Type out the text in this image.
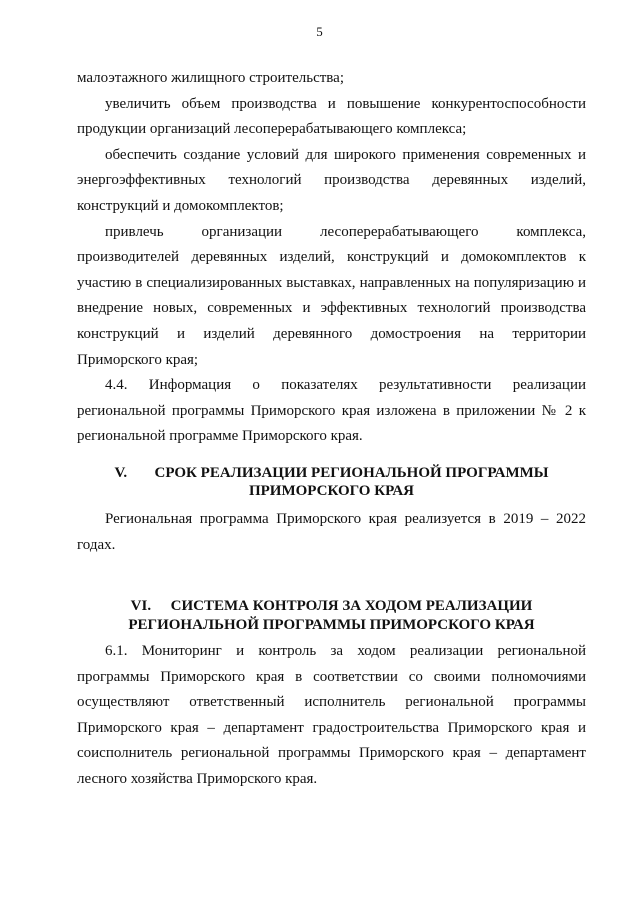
5

малоэтажного жилищного строительства;

увеличить объем производства и повышение конкурентоспособности продукции организаций лесоперерабатывающего комплекса;

обеспечить создание условий для широкого применения современных и энергоэффективных технологий производства деревянных изделий, конструкций и домокомплектов;

привлечь организации лесоперерабатывающего комплекса, производителей деревянных изделий, конструкций и домокомплектов к участию в специализированных выставках, направленных на популяризацию и внедрение новых, современных и эффективных технологий производства конструкций и изделий деревянного домостроения на территории Приморского края;

4.4. Информация о показателях результативности реализации региональной программы Приморского края изложена в приложении № 2 к региональной программе Приморского края.

V. СРОК РЕАЛИЗАЦИИ РЕГИОНАЛЬНОЙ ПРОГРАММЫ

ПРИМОРСКОГО КРАЯ

Региональная программа Приморского края реализуется в 2019 – 2022 годах.

VI. СИСТЕМА КОНТРОЛЯ ЗА ХОДОМ РЕАЛИЗАЦИИ

РЕГИОНАЛЬНОЙ ПРОГРАММЫ ПРИМОРСКОГО КРАЯ

6.1. Мониторинг и контроль за ходом реализации региональной программы Приморского края в соответствии со своими полномочиями осуществляют ответственный исполнитель региональной программы Приморского края – департамент градостроительства Приморского края и соисполнитель региональной программы Приморского края – департамент лесного хозяйства Приморского края.
